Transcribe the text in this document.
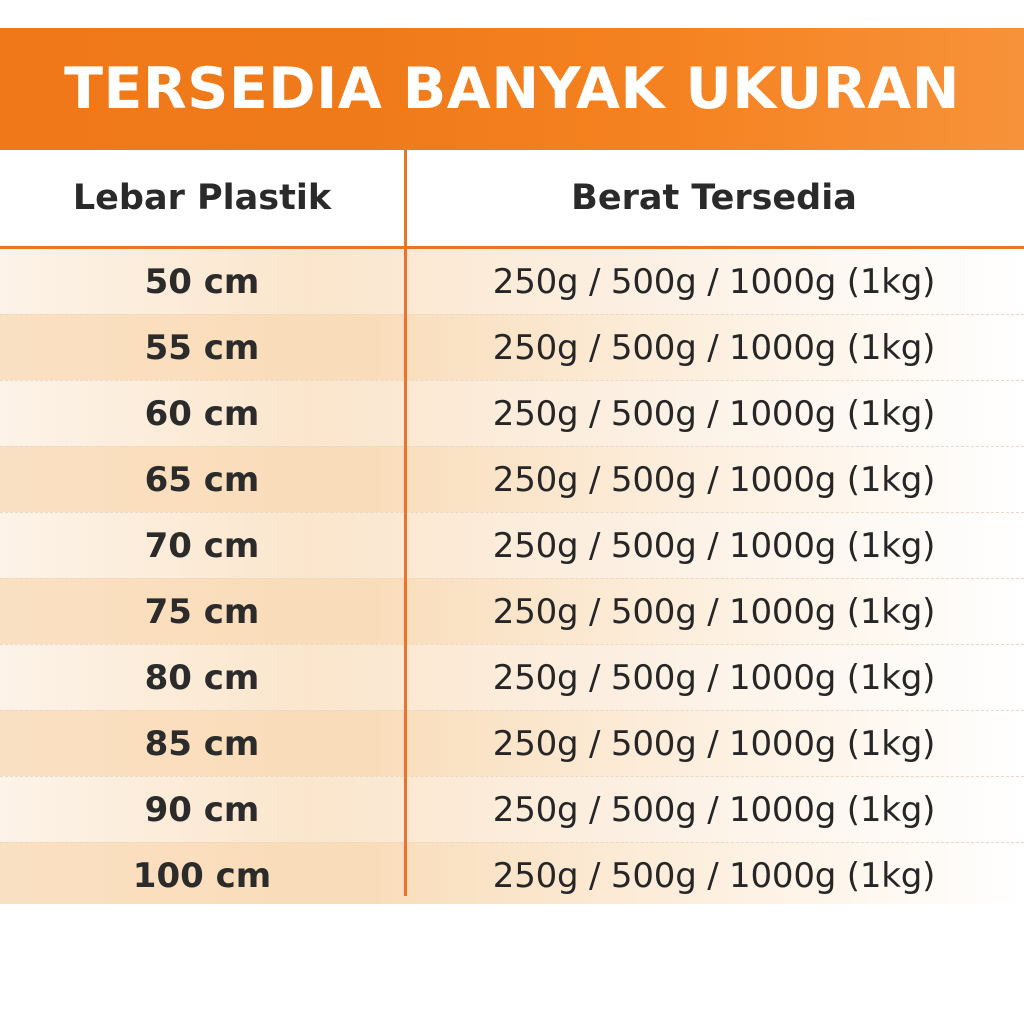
TERSEDIA BANYAK UKURAN
Lebar Plastik	Berat Tersedia
50 cm	250g / 500g / 1000g (1kg)
55 cm	250g / 500g / 1000g (1kg)
60 cm	250g / 500g / 1000g (1kg)
65 cm	250g / 500g / 1000g (1kg)
70 cm	250g / 500g / 1000g (1kg)
75 cm	250g / 500g / 1000g (1kg)
80 cm	250g / 500g / 1000g (1kg)
85 cm	250g / 500g / 1000g (1kg)
90 cm	250g / 500g / 1000g (1kg)
100 cm	250g / 500g / 1000g (1kg)
